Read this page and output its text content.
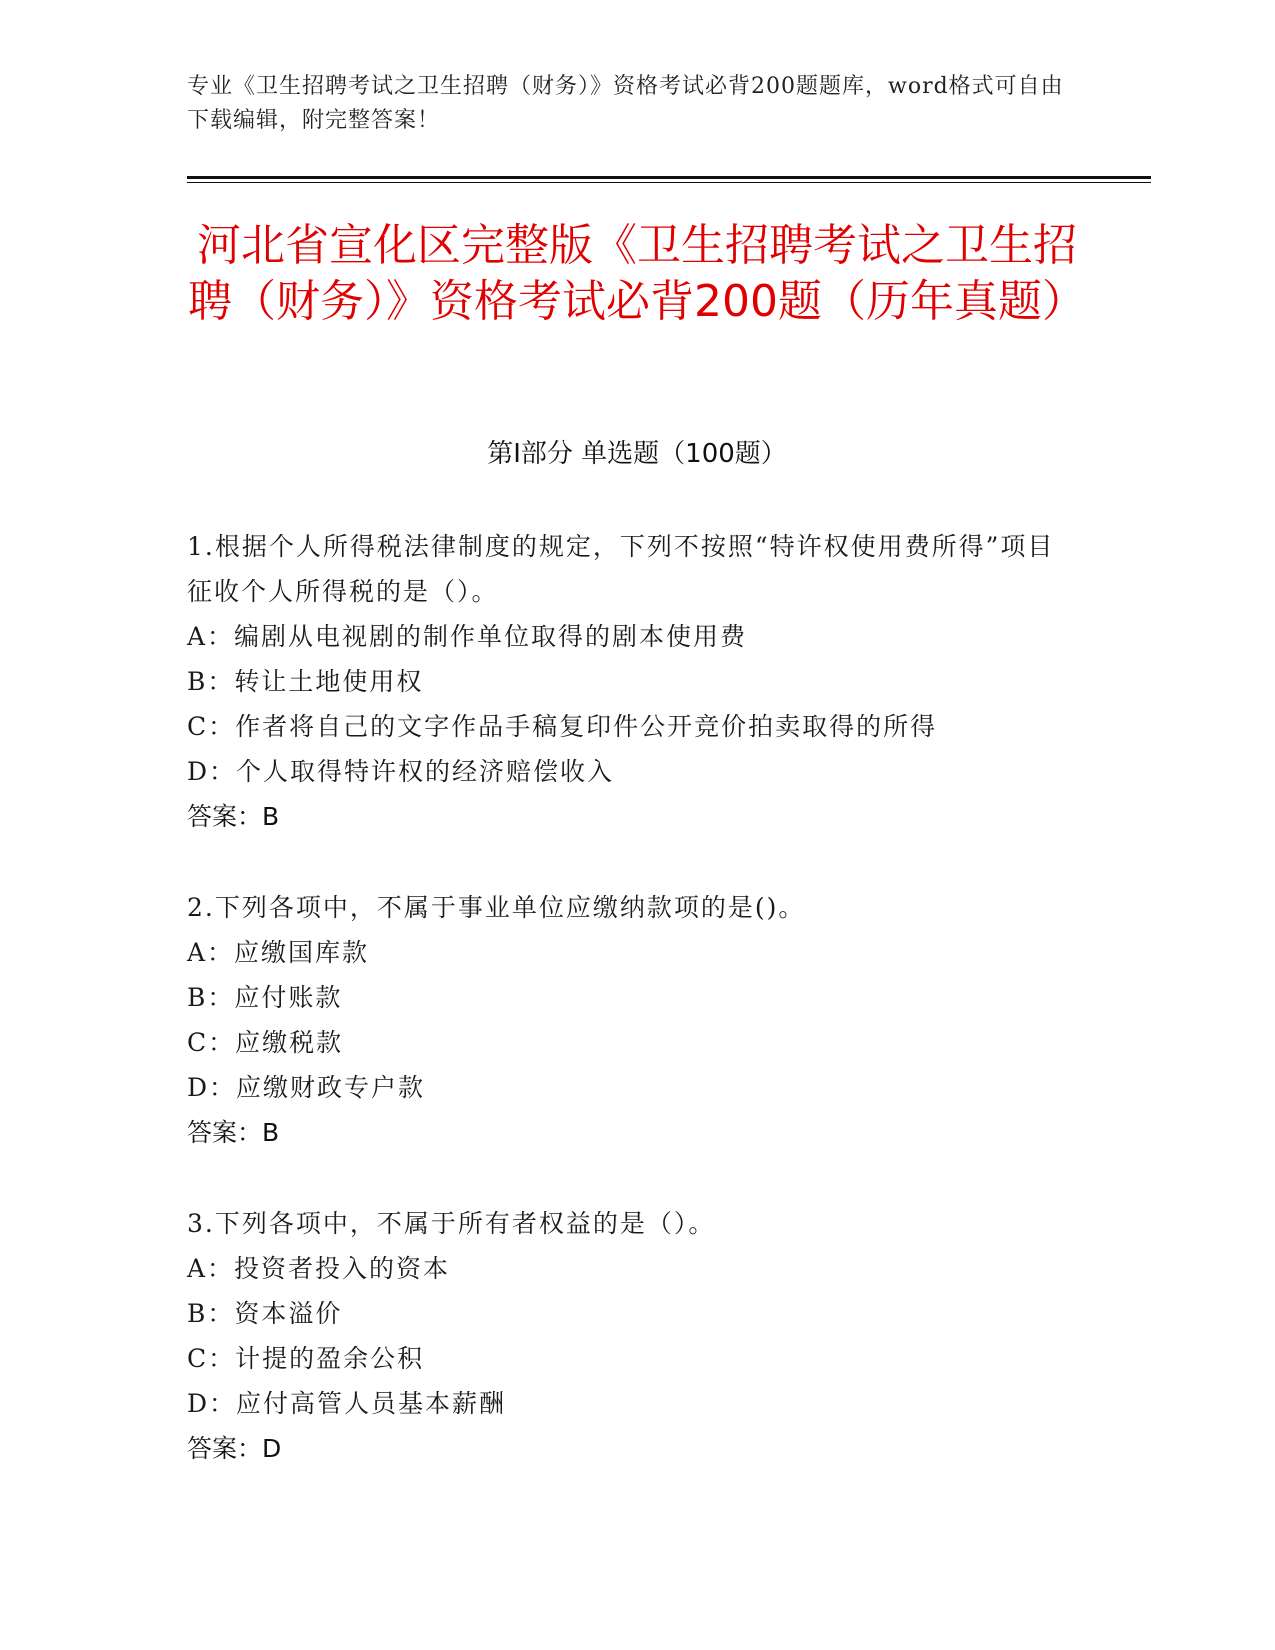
专业《卫生招聘考试之卫生招聘（财务）》资格考试必背200题题库，word格式可自由下载编辑，附完整答案！
河北省宣化区完整版《卫生招聘考试之卫生招聘（财务）》资格考试必背200题（历年真题）
第Ⅰ部分 单选题（100题）
1.根据个人所得税法律制度的规定，下列不按照“特许权使用费所得”项目征收个人所得税的是（）。
A：编剧从电视剧的制作单位取得的剧本使用费
B：转让土地使用权
C：作者将自己的文字作品手稿复印件公开竞价拍卖取得的所得
D：个人取得特许权的经济赔偿收入
答案：B
2.下列各项中，不属于事业单位应缴纳款项的是()。
A：应缴国库款
B：应付账款
C：应缴税款
D：应缴财政专户款
答案：B
3.下列各项中，不属于所有者权益的是（）。
A：投资者投入的资本
B：资本溢价
C：计提的盈余公积
D：应付高管人员基本薪酬
答案：D
